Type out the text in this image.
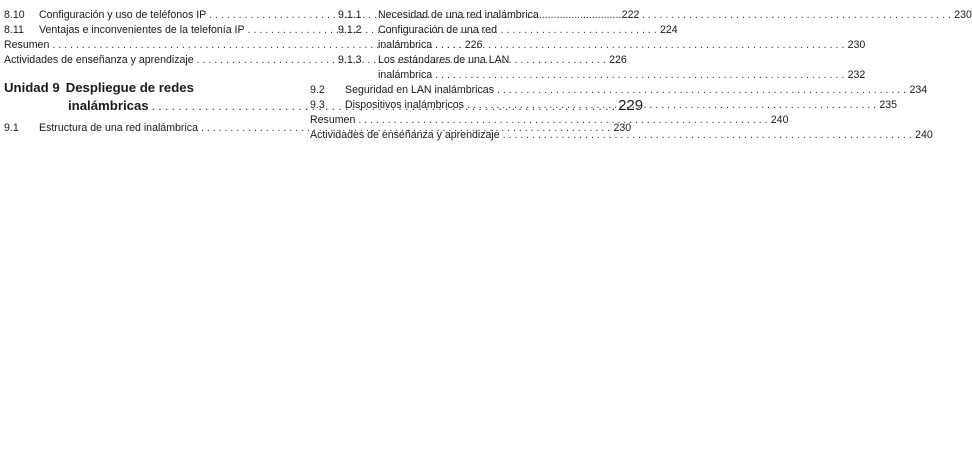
8.10	Configuración y uso de teléfonos IP . . .	222
8.11	Ventajas e inconvenientes de la telefonía IP . . .	224
Resumen . . .	226
Actividades de enseñanza y aprendizaje . . .	226
Unidad 9 Despliegue de redes
inalámbricas . . .	229
9.1	Estructura de una red inalámbrica . . .	230
9.1.1	Necesidad de una red inalámbrica . . .	230
9.1.2	Configuración de una red
inalámbrica . . .	230
9.1.3	Los estándares de una LAN
inalámbrica . . .	232
9.2	Seguridad en LAN inalámbricas . . .	234
9.3	Dispositivos inalámbricos . . .	235
Resumen . . .	240
Actividades de enseñanza y aprendizaje . . .	240
